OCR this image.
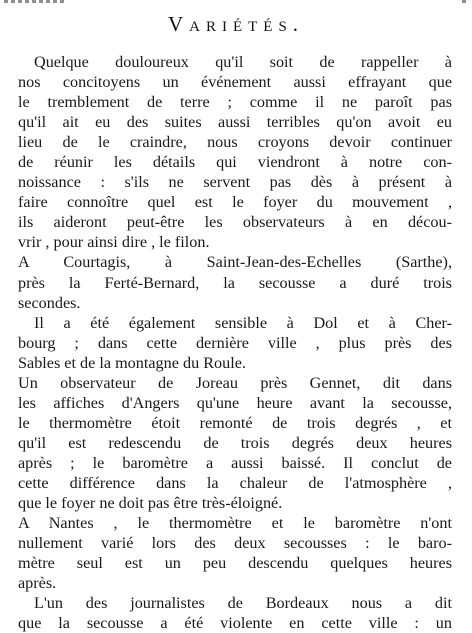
Variétés.
Quelque douloureux qu'il soit de rappeller à
nos concitoyens un événement aussi effrayant que
le tremblement de terre ; comme il ne paroît pas
qu'il ait eu des suites aussi terribles qu'on avoit eu
lieu de le craindre, nous croyons devoir continuer
de réunir les détails qui viendront à notre con-
noissance : s'ils ne servent pas dès à présent à
faire connoître quel est le foyer du mouvement ,
ils aideront peut-être les observateurs à en décou-
vrir , pour ainsi dire , le filon.
A Courtagis, à Saint-Jean-des-Echelles (Sarthe),
près la Ferté-Bernard, la secousse a duré trois
secondes.
Il a été également sensible à Dol et à Cher-
bourg ; dans cette dernière ville , plus près des
Sables et de la montagne du Roule.
Un observateur de Joreau près Gennet, dit dans
les affiches d'Angers qu'une heure avant la secousse,
le thermomètre étoit remonté de trois degrés , et
qu'il est redescendu de trois degrés deux heures
après ; le baromètre a aussi baissé. Il conclut de
cette différence dans la chaleur de l'atmosphère ,
que le foyer ne doit pas être très-éloigné.
A Nantes , le thermomètre et le baromètre n'ont
nullement varié lors des deux secousses : le baro-
mètre seul est un peu descendu quelques heures
après.
L'un des journalistes de Bordeaux nous a dit
que la secousse a été violente en cette ville : un
